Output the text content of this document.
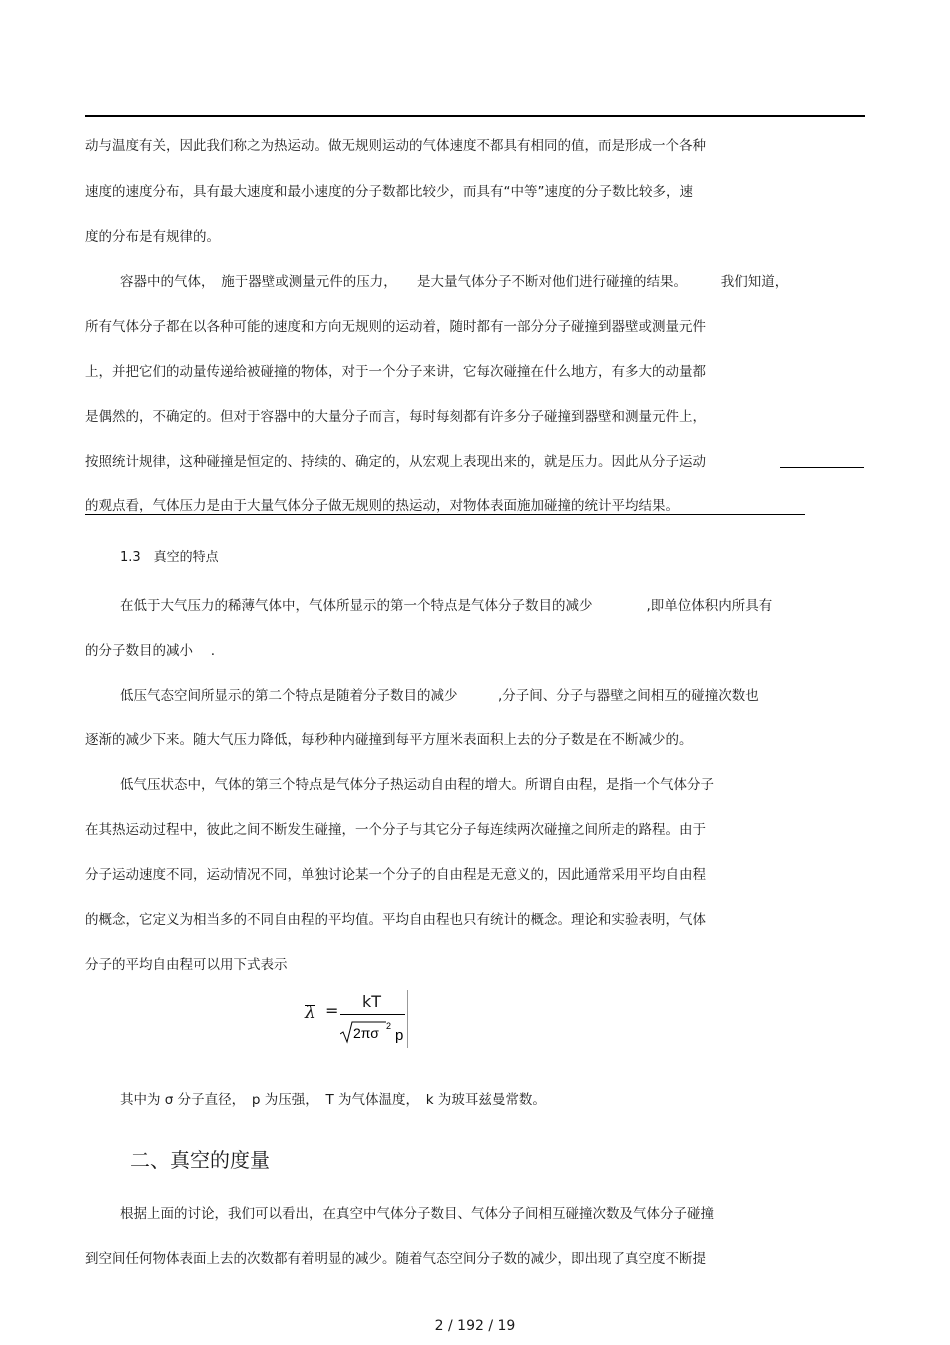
动与温度有关，因此我们称之为热运动。做无规则运动的气体速度不都具有相同的值，而是形成一个各种
速度的速度分布，具有最大速度和最小速度的分子数都比较少，而具有“中等”速度的分子数比较多，速
度的分布是有规律的。
容器中的气体，　施于器壁或测量元件的压力，　　是大量气体分子不断对他们进行碰撞的结果。　　　我们知道，
所有气体分子都在以各种可能的速度和方向无规则的运动着，随时都有一部分分子碰撞到器壁或测量元件
上，并把它们的动量传递给被碰撞的物体，对于一个分子来讲，它每次碰撞在什么地方，有多大的动量都
是偶然的，不确定的。但对于容器中的大量分子而言，每时每刻都有许多分子碰撞到器壁和测量元件上，
按照统计规律，这种碰撞是恒定的、持续的、确定的，从宏观上表现出来的，就是压力。因此从分子运动
的观点看，气体压力是由于大量气体分子做无规则的热运动，对物体表面施加碰撞的统计平均结果。
1.3　真空的特点
在低于大气压力的稀薄气体中，气体所显示的第一个特点是气体分子数目的减少　　　　,即单位体积内所具有
的分子数目的减小　 .
低压气态空间所显示的第二个特点是随着分子数目的减少　　　,分子间、分子与器壁之间相互的碰撞次数也
逐渐的减少下来。随大气压力降低，每秒种内碰撞到每平方厘米表面积上去的分子数是在不断减少的。
低气压状态中，气体的第三个特点是气体分子热运动自由程的增大。所谓自由程，是指一个气体分子
在其热运动过程中，彼此之间不断发生碰撞，一个分子与其它分子每连续两次碰撞之间所走的路程。由于
分子运动速度不同，运动情况不同，单独讨论某一个分子的自由程是无意义的，因此通常采用平均自由程
的概念，它定义为相当多的不同自由程的平均值。平均自由程也只有统计的概念。理论和实验表明，气体
分子的平均自由程可以用下式表示
λ = kT
2πσ 2
p
其中为 σ 分子直径，　p 为压强，　T 为气体温度，　k 为玻耳兹曼常数。
二、真空的度量
根据上面的讨论，我们可以看出，在真空中气体分子数目、气体分子间相互碰撞次数及气体分子碰撞
到空间任何物体表面上去的次数都有着明显的减少。随着气态空间分子数的减少，即出现了真空度不断提
2 / 192 / 19
